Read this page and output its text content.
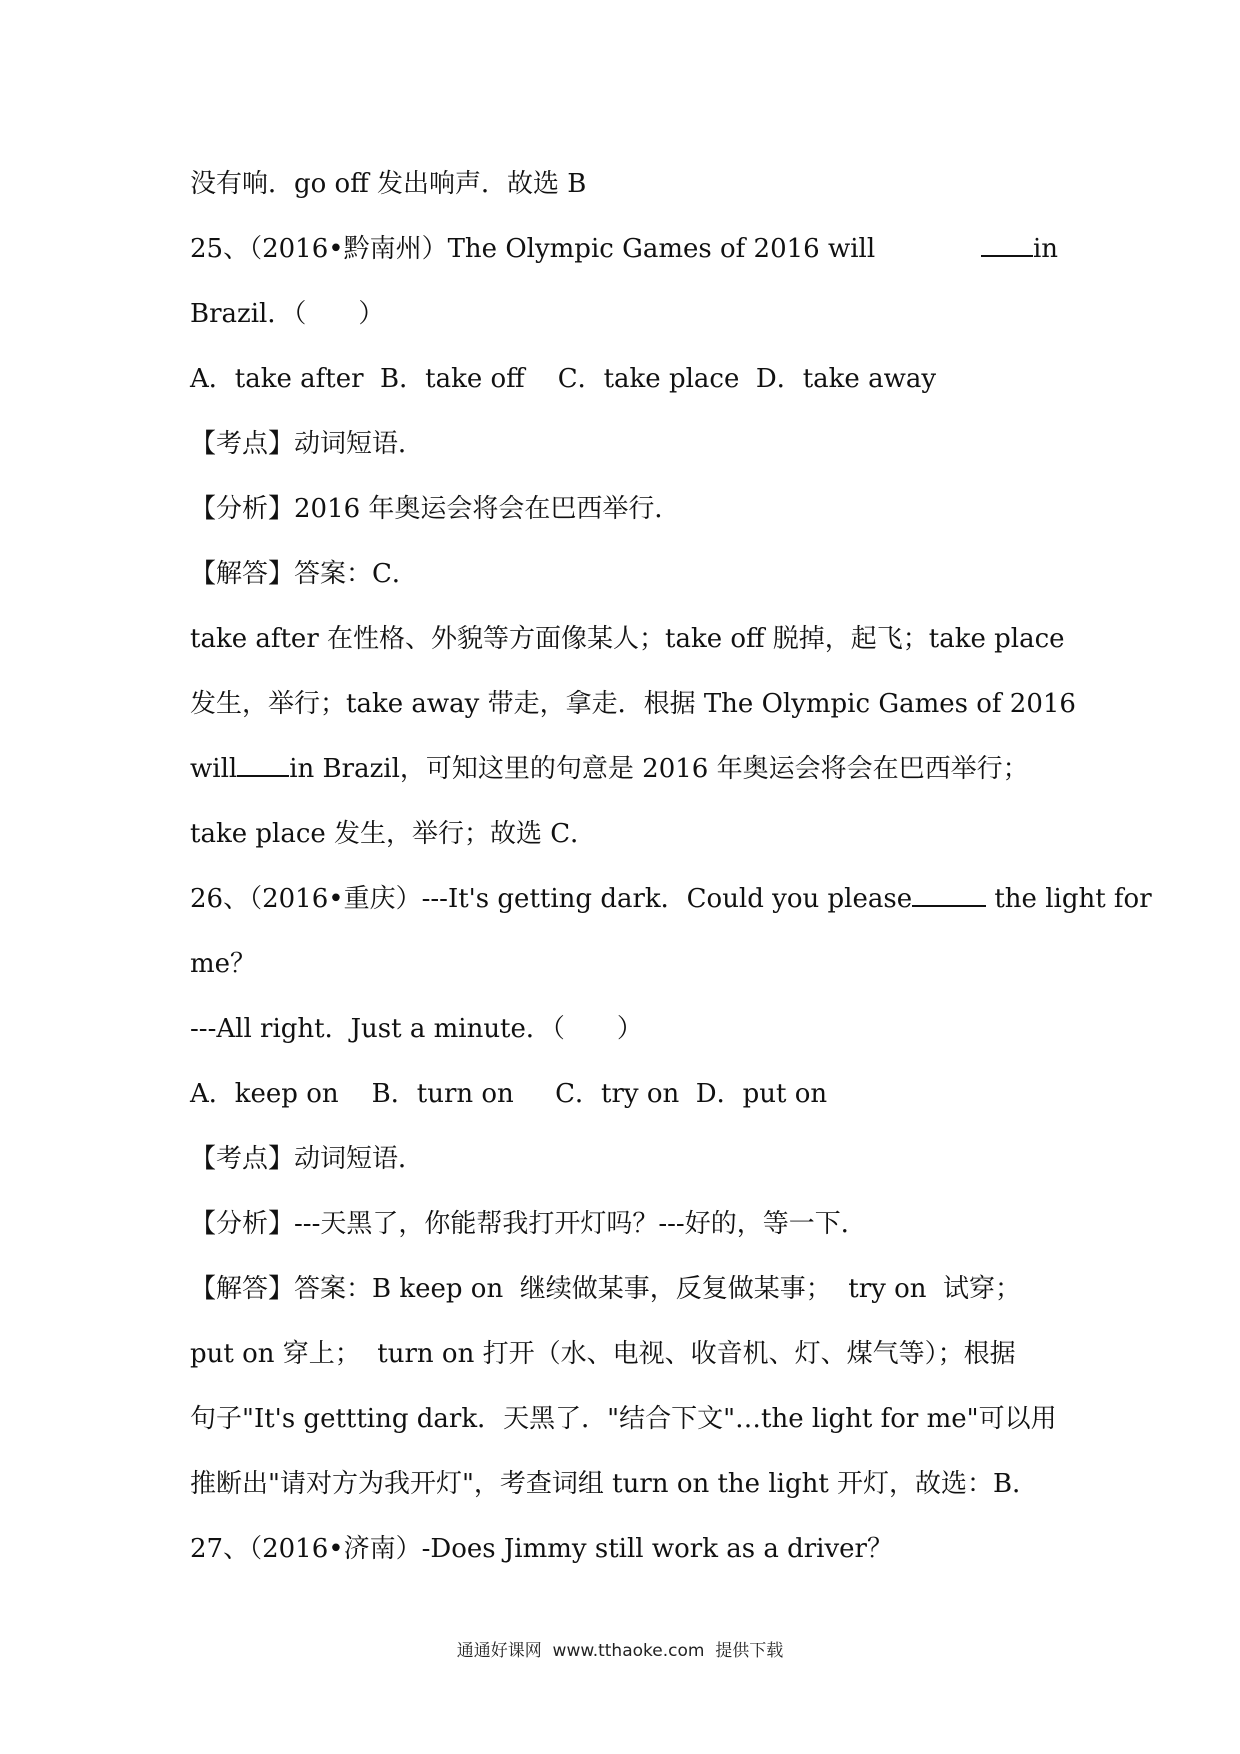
没有响．go off 发出响声．故选 B
25、（2016•黔南州）The Olympic Games of 2016 will	in
Brazil．（　　）
A．take after  B．take off    C．take place  D．take away
【考点】动词短语．
【分析】2016 年奥运会将会在巴西举行．
【解答】答案：C．
take after 在性格、外貌等方面像某人；take off 脱掉，起飞；take place
发生，举行；take away 带走，拿走．根据 The Olympic Games of 2016
will in Brazil，可知这里的句意是 2016 年奥运会将会在巴西举行；
take place 发生，举行；故选 C．
26、（2016•重庆）---It's getting dark．Could you please	the light for
me？
---All right．Just a minute．（　　）
A．keep on    B．turn on     C．try on  D．put on
【考点】动词短语．
【分析】---天黑了，你能帮我打开灯吗？---好的，等一下．
【解答】答案：B keep on  继续做某事，反复做某事；  try on  试穿；
put on 穿上；  turn on 打开（水、电视、收音机、灯、煤气等）；根据
句子"It's gettting dark．天黑了．"结合下文"…the light for me"可以用
推断出"请对方为我开灯"，考查词组 turn on the light 开灯，故选：B．
27、（2016•济南）-Does Jimmy still work as a driver？
通通好课网  www.tthaoke.com  提供下载
